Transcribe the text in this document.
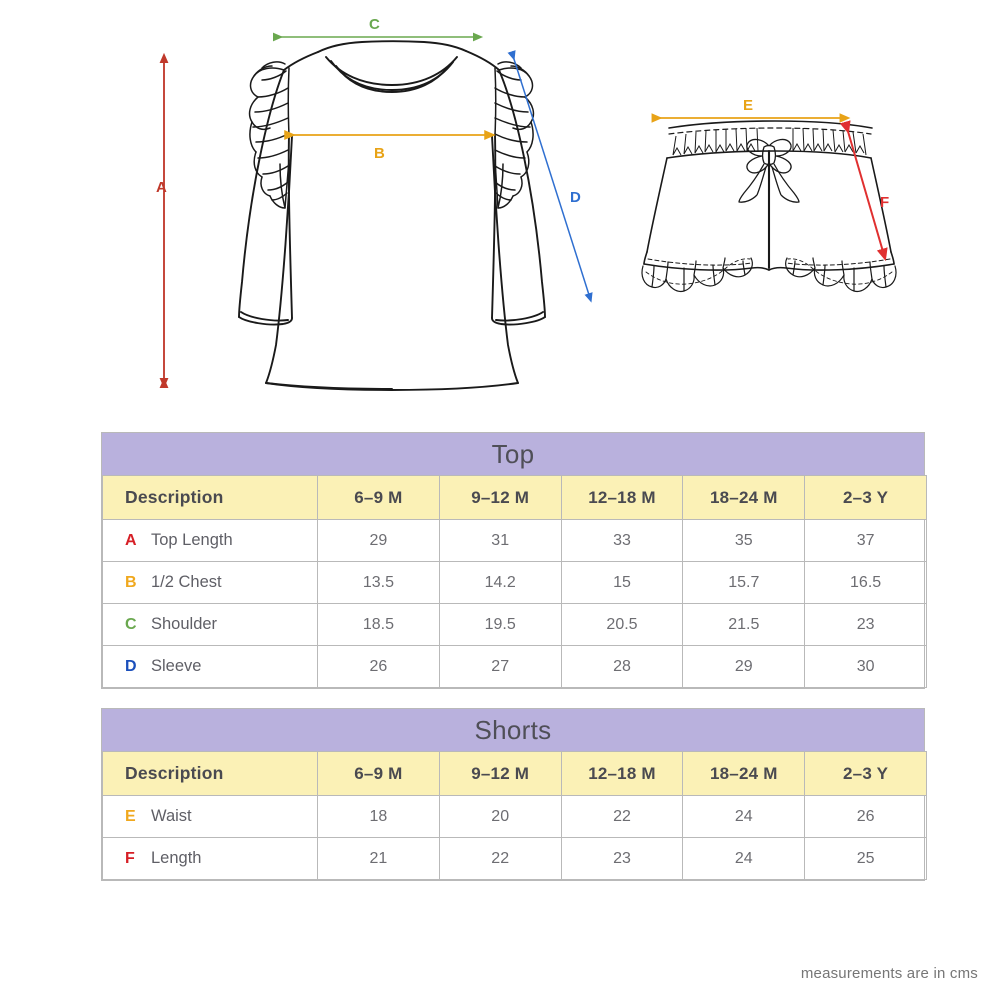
A
C
B
D
E
F
Top
Description	6–9 M	9–12 M	12–18 M	18–24 M	2–3 Y
A Top Length	29	31	33	35	37
B 1/2 Chest	13.5	14.2	15	15.7	16.5
C Shoulder	18.5	19.5	20.5	21.5	23
D Sleeve	26	27	28	29	30
Shorts
Description	6–9 M	9–12 M	12–18 M	18–24 M	2–3 Y
E Waist	18	20	22	24	26
F Length	21	22	23	24	25
measurements are in cms
